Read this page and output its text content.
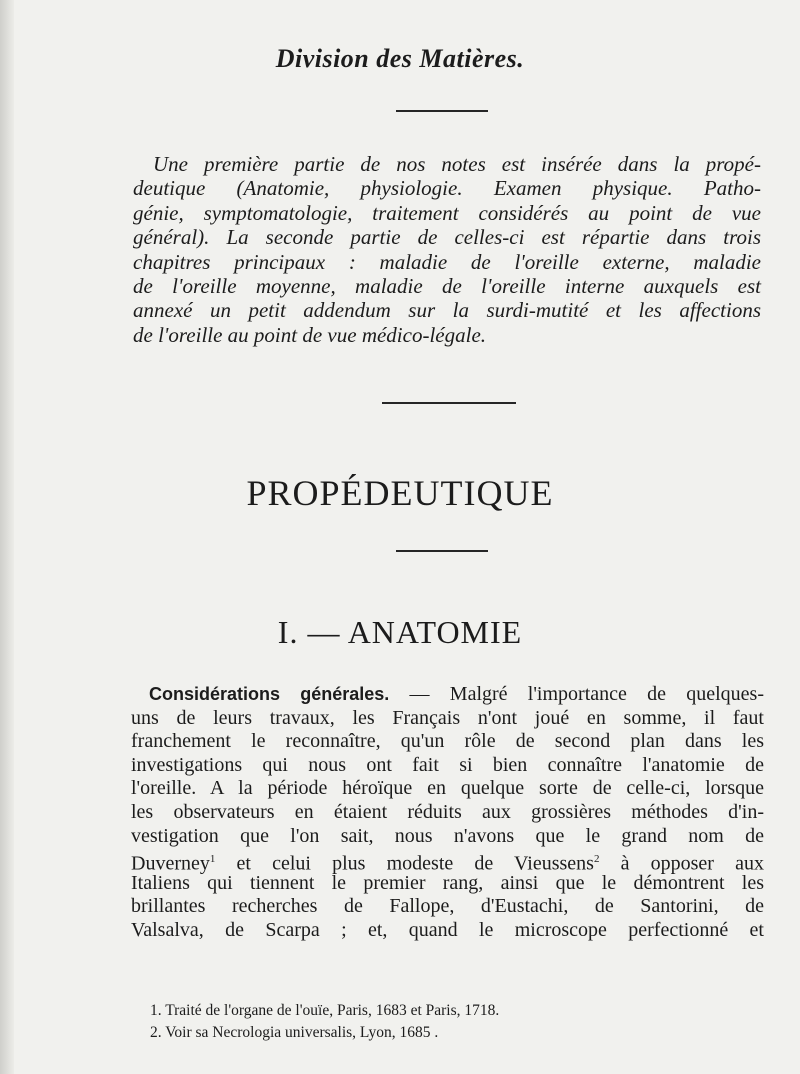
Division des Matières.
Une première partie de nos notes est insérée dans la propé-
deutique (Anatomie, physiologie. Examen physique. Patho-
génie, symptomatologie, traitement considérés au point de vue
général). La seconde partie de celles-ci est répartie dans trois
chapitres principaux : maladie de l'oreille externe, maladie
de l'oreille moyenne, maladie de l'oreille interne auxquels est
annexé un petit addendum sur la surdi-mutité et les affections
de l'oreille au point de vue médico-légale.
PROPÉDEUTIQUE
I. — ANATOMIE
Considérations générales. — Malgré l'importance de quelques-
uns de leurs travaux, les Français n'ont joué en somme, il faut
franchement le reconnaître, qu'un rôle de second plan dans les
investigations qui nous ont fait si bien connaître l'anatomie de
l'oreille. A la période héroïque en quelque sorte de celle-ci, lorsque
les observateurs en étaient réduits aux grossières méthodes d'in-
vestigation que l'on sait, nous n'avons que le grand nom de
Duverney$^1$ et celui plus modeste de Vieussens$^2$ à opposer aux
Italiens qui tiennent le premier rang, ainsi que le démontrent les
brillantes recherches de Fallope, d'Eustachi, de Santorini, de
Valsalva, de Scarpa ; et, quand le microscope perfectionné et
1. Traité de l'organe de l'ouïe, Paris, 1683 et Paris, 1718.
2. Voir sa Necrologia universalis, Lyon, 1685 .
